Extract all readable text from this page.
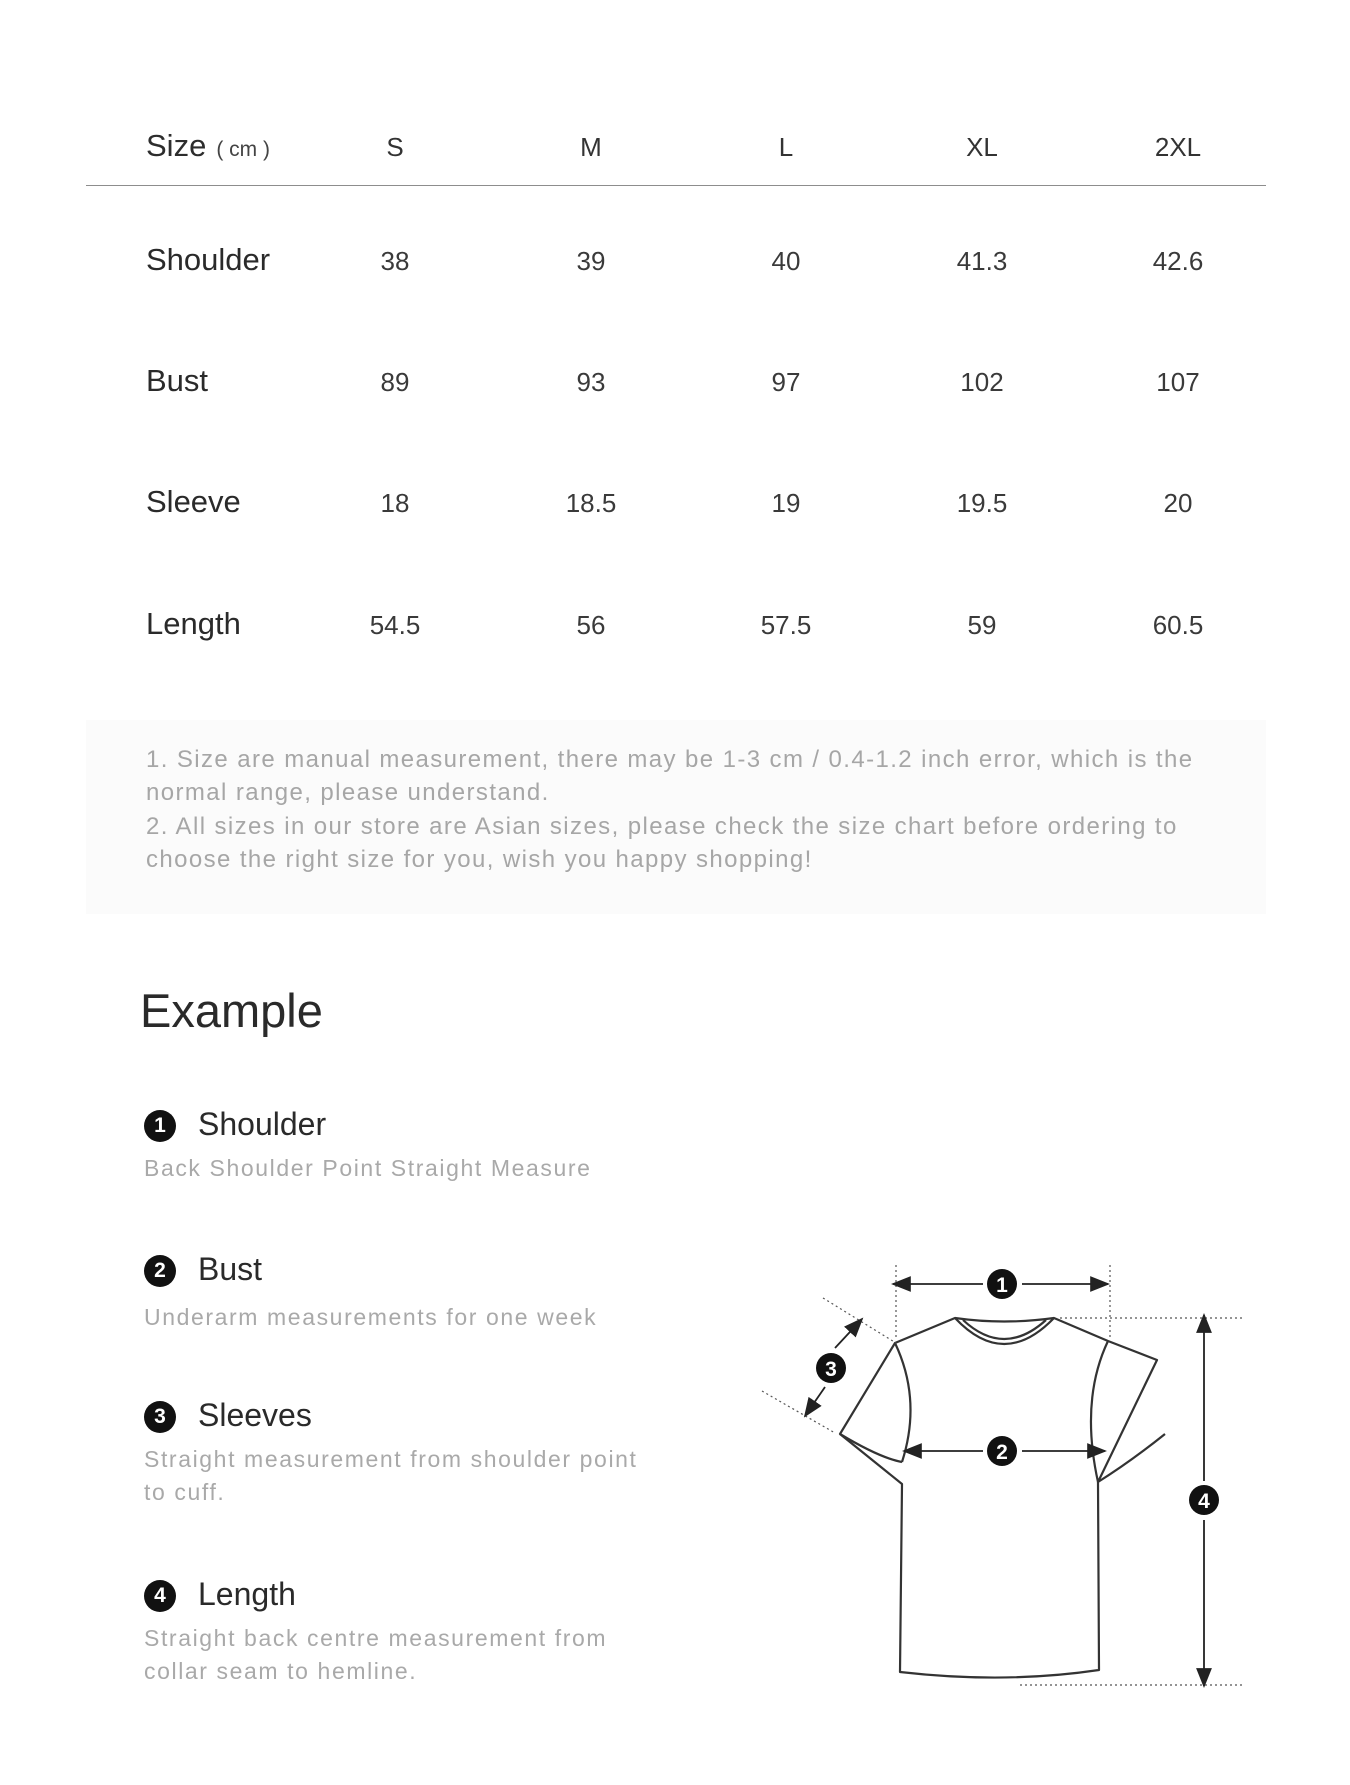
Size ( cm )	S	M	L	XL	2XL
Shoulder	38	39	40	41.3	42.6
Bust	89	93	97	102	107
Sleeve	18	18.5	19	19.5	20
Length	54.5	56	57.5	59	60.5
1. Size are manual measurement, there may be 1-3 cm / 0.4-1.2 inch error, which is the normal range, please understand.
2. All sizes in our store are Asian sizes, please check the size chart before ordering to choose the right size for you, wish you happy shopping!
Example
1	Shoulder
Back Shoulder Point Straight Measure
2	Bust
Underarm measurements for one week
3	Sleeves
Straight measurement from shoulder point to cuff.
4	Length
Straight back centre measurement from collar seam to hemline.
1
2
3
4
